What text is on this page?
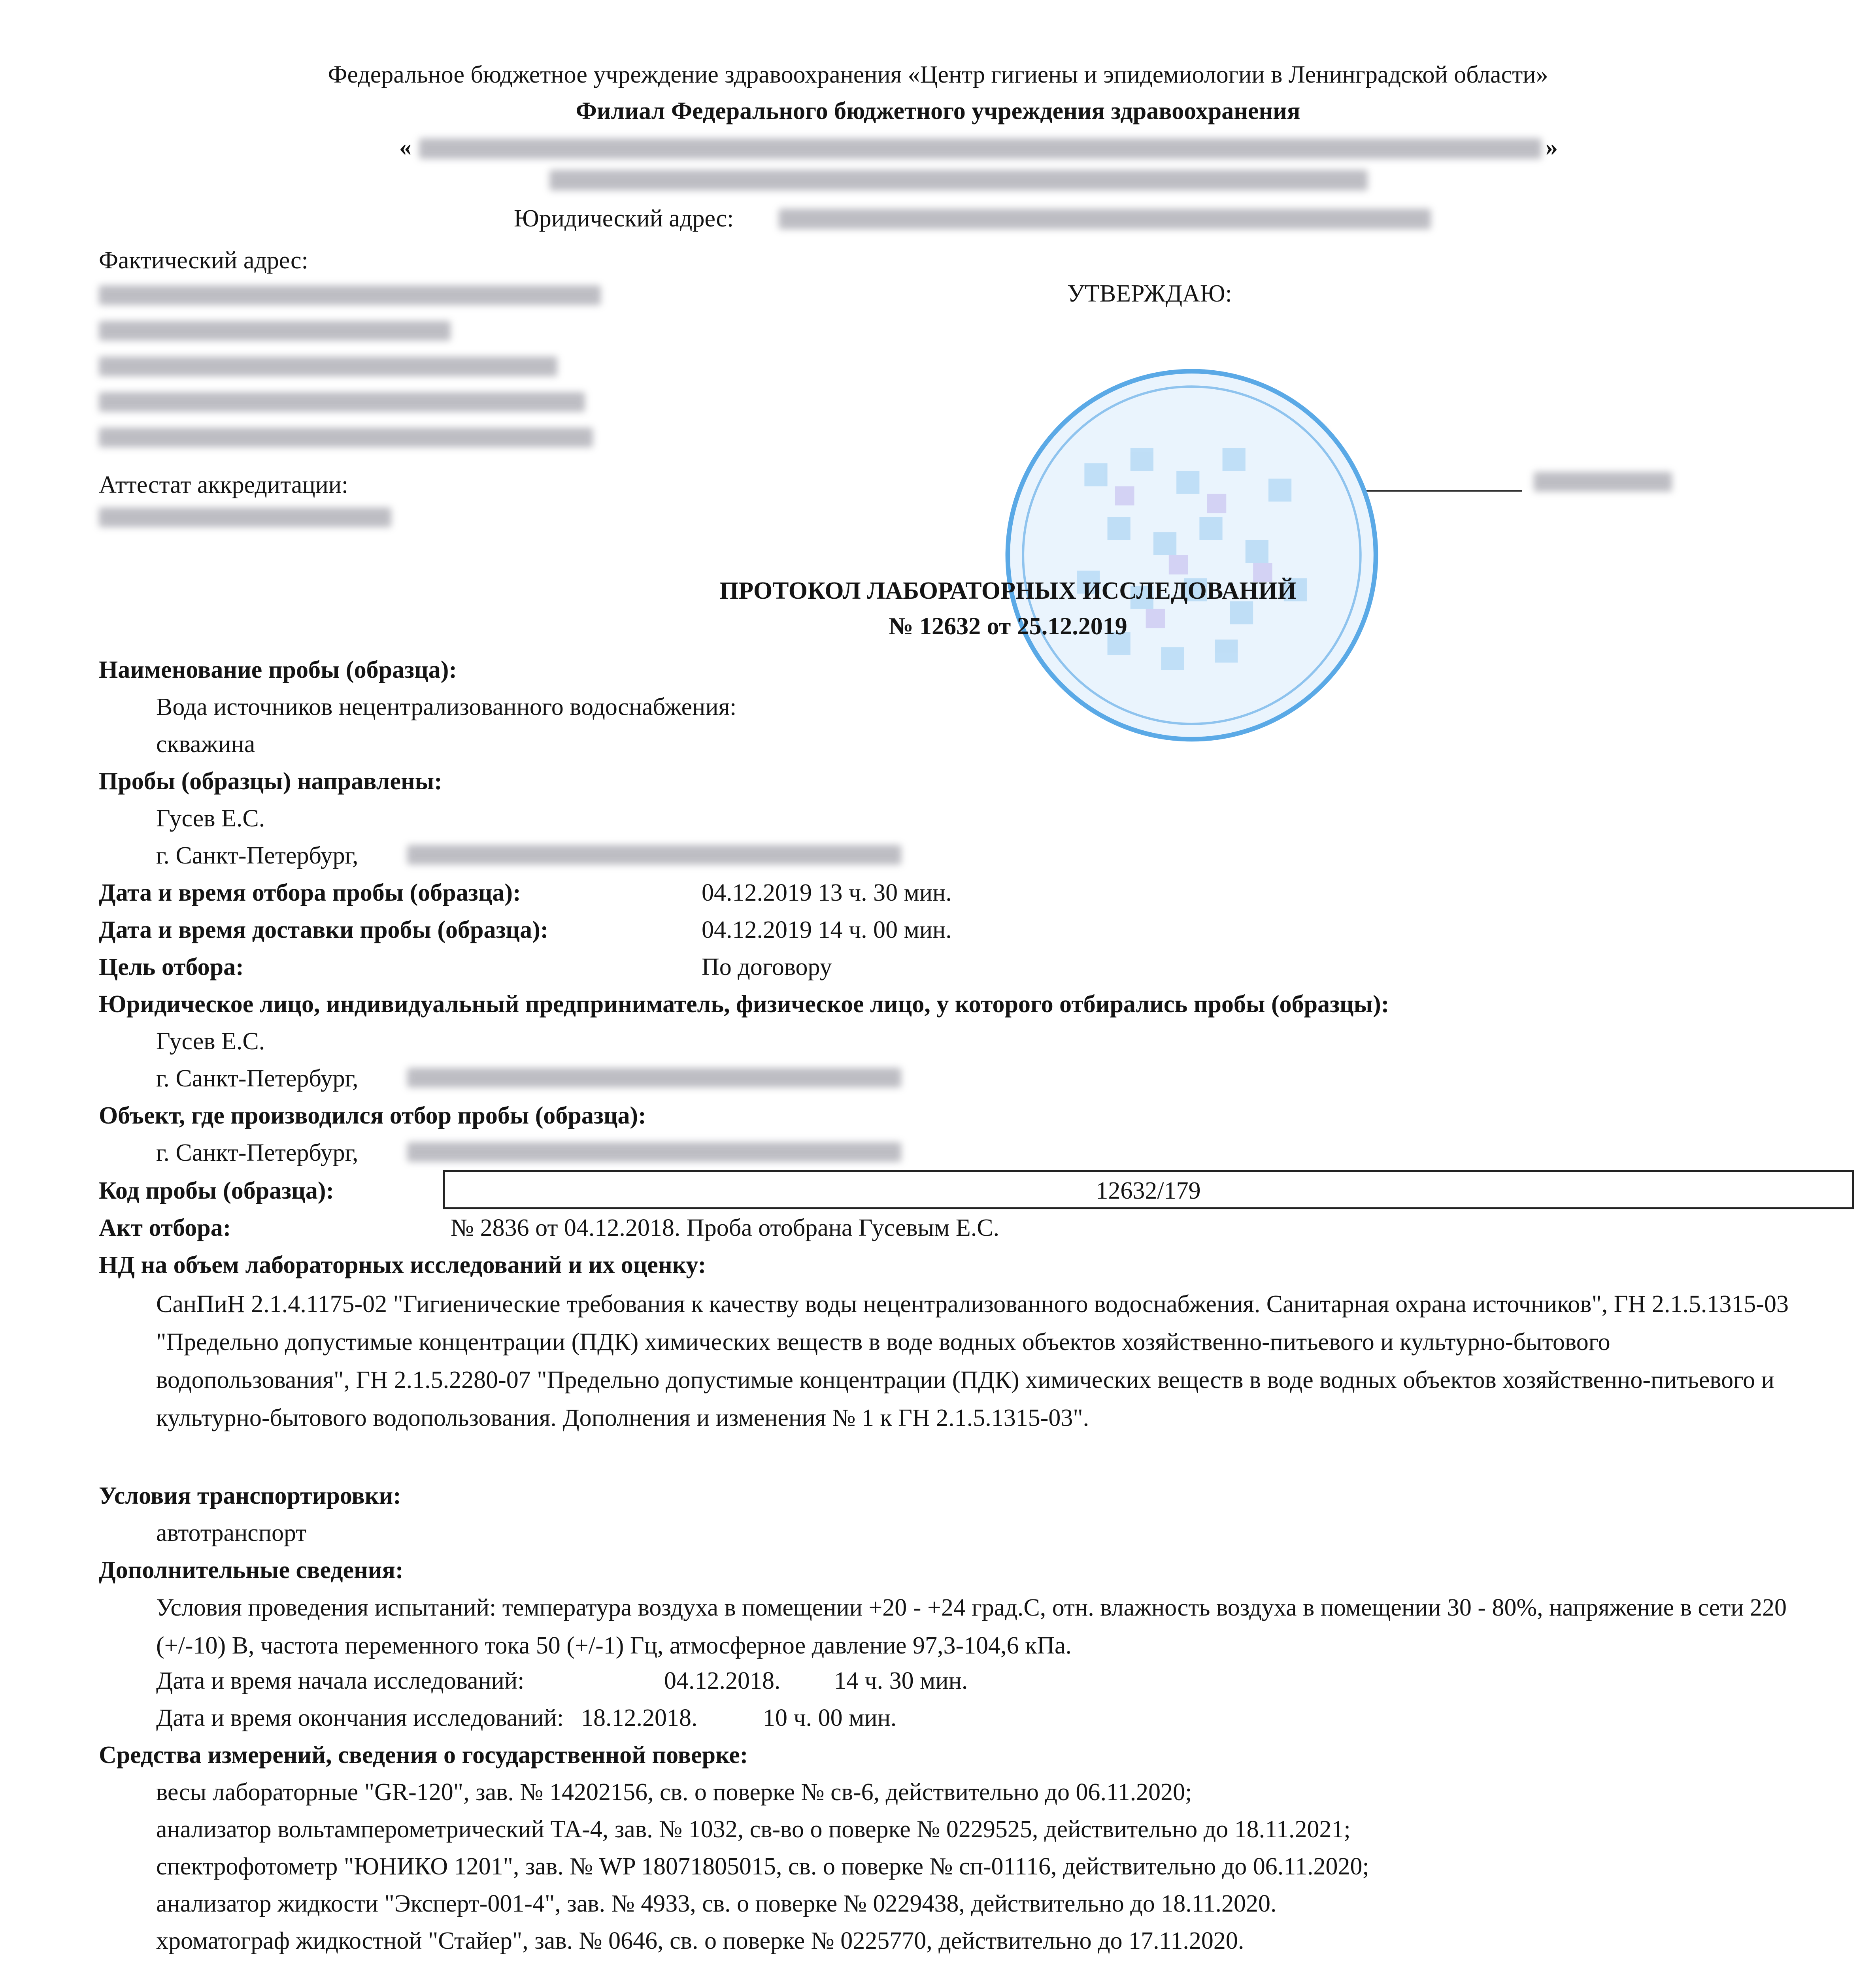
Федеральное бюджетное учреждение здравоохранения «Центр гигиены и эпидемиологии в Ленинградской области»
Филиал Федерального бюджетного учреждения здравоохранения
«	»
Юридический адрес:
Фактический адрес:
Аттестат аккредитации:
УТВЕРЖДАЮ:
ПРОТОКОЛ ЛАБОРАТОРНЫХ ИССЛЕДОВАНИЙ
№ 12632 от 25.12.2019
Наименование пробы (образца):
Вода источников нецентрализованного водоснабжения:
скважина
Пробы (образцы) направлены:
Гусев Е.С.
г. Санкт-Петербург,
Дата и время отбора пробы (образца):	04.12.2019 13 ч. 30 мин.
Дата и время доставки пробы (образца):	04.12.2019 14 ч. 00 мин.
Цель отбора:	По договору
Юридическое лицо, индивидуальный предприниматель, физическое лицо, у которого отбирались пробы (образцы):
Гусев Е.С.
г. Санкт-Петербург,
Объект, где производился отбор пробы (образца):
г. Санкт-Петербург,
Код пробы (образца):	12632/179
Акт отбора:	№ 2836 от 04.12.2018. Проба отобрана Гусевым Е.С.
НД на объем лабораторных исследований и их оценку:
СанПиН 2.1.4.1175-02 "Гигиенические требования к качеству воды нецентрализованного водоснабжения. Санитарная охрана источников", ГН 2.1.5.1315-03 "Предельно допустимые концентрации (ПДК) химических веществ в воде водных объектов хозяйственно-питьевого и культурно-бытового водопользования", ГН 2.1.5.2280-07 "Предельно допустимые концентрации (ПДК) химических веществ в воде водных объектов хозяйственно-питьевого и культурно-бытового водопользования. Дополнения и изменения № 1 к ГН 2.1.5.1315-03".
Условия транспортировки:
автотранспорт
Дополнительные сведения:
Условия проведения испытаний: температура воздуха в помещении +20 - +24 град.С, отн. влажность воздуха в помещении 30 - 80%, напряжение в сети 220 (+/-10) В, частота переменного тока 50 (+/-1) Гц, атмосферное давление 97,3-104,6 кПа.
Дата и время начала исследований:	04.12.2018. 14 ч. 30 мин.
Дата и время окончания исследований: 18.12.2018.	10 ч. 00 мин.
Средства измерений, сведения о государственной поверке:
весы лабораторные "GR-120", зав. № 14202156, св. о поверке № св-6, действительно до 06.11.2020;
анализатор вольтамперометрический ТА-4, зав. № 1032, св-во о поверке № 0229525, действительно до 18.11.2021;
спектрофотометр "ЮНИКО 1201", зав. № WP 18071805015, св. о поверке № сп-01116, действительно до 06.11.2020;
анализатор жидкости "Эксперт-001-4", зав. № 4933, св. о поверке № 0229438, действительно до 18.11.2020.
хроматограф жидкостной "Стайер", зав. № 0646, св. о поверке № 0225770, действительно до 17.11.2020.
